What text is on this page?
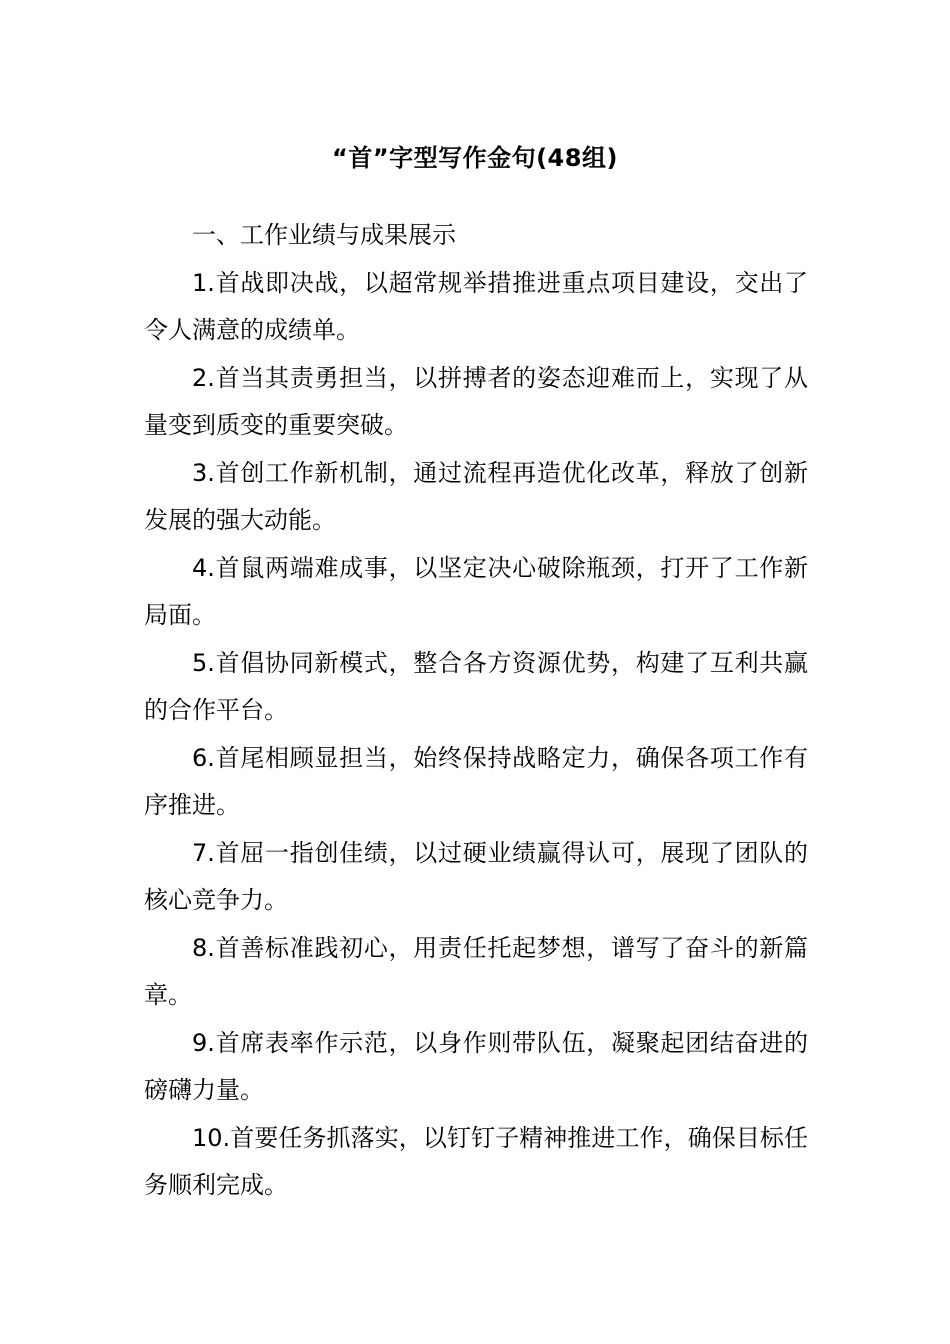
“首”字型写作金句(48组)

一、工作业绩与成果展示

1.首战即决战，以超常规举措推进重点项目建设，交出了令人满意的成绩单。

2.首当其责勇担当，以拼搏者的姿态迎难而上，实现了从量变到质变的重要突破。

3.首创工作新机制，通过流程再造优化改革，释放了创新发展的强大动能。

4.首鼠两端难成事，以坚定决心破除瓶颈，打开了工作新局面。

5.首倡协同新模式，整合各方资源优势，构建了互利共赢的合作平台。

6.首尾相顾显担当，始终保持战略定力，确保各项工作有序推进。

7.首屈一指创佳绩，以过硬业绩赢得认可，展现了团队的核心竞争力。

8.首善标准践初心，用责任托起梦想，谱写了奋斗的新篇章。

9.首席表率作示范，以身作则带队伍，凝聚起团结奋进的磅礴力量。

10.首要任务抓落实，以钉钉子精神推进工作，确保目标任务顺利完成。
